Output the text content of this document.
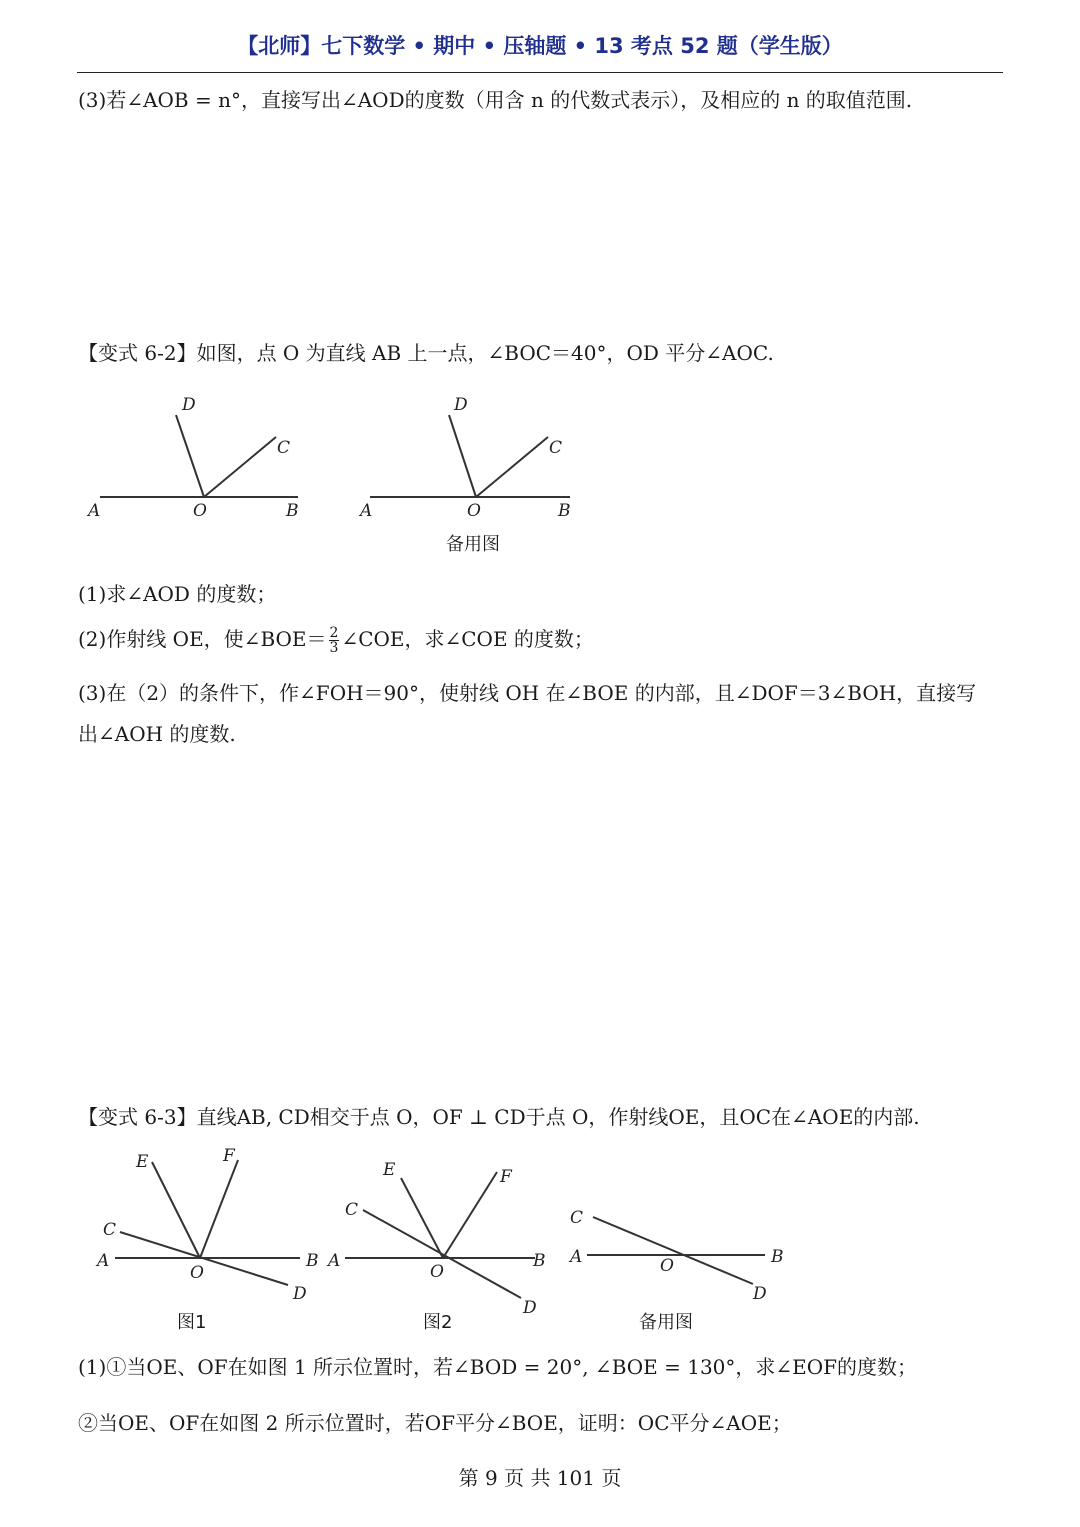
【北师】七下数学 • 期中 • 压轴题 • 13 考点 52 题（学生版）
(3)若∠AOB = n°，直接写出∠AOD的度数（用含 n 的代数式表示），及相应的 n 的取值范围.
【变式 6-2】如图，点 O 为直线 AB 上一点，∠BOC＝40°，OD 平分∠AOC.
D
C
A	O	B
D
C
A	O	B
备用图
(1)求∠AOD 的度数；
(2)作射线 OE，使∠BOE＝ $\frac{2}{3}$ ∠COE，求∠COE 的度数；
(3)在（2）的条件下，作∠FOH＝90°，使射线 OH 在∠BOE 的内部，且∠DOF＝3∠BOH，直接写
出∠AOH 的度数.
【变式 6-3】直线AB, CD相交于点 O，OF ⊥ CD于点 O，作射线OE，且OC在∠AOE的内部.
E	F
C
A
O
B
D
图1
E	F
C
A
O
B
D
图2
C
A	O	B
D
备用图
(1)①当OE、OF在如图 1 所示位置时，若∠BOD = 20°, ∠BOE = 130°，求∠EOF的度数；
②当OE、OF在如图 2 所示位置时，若OF平分∠BOE，证明：OC平分∠AOE；
第 9 页 共 101 页
